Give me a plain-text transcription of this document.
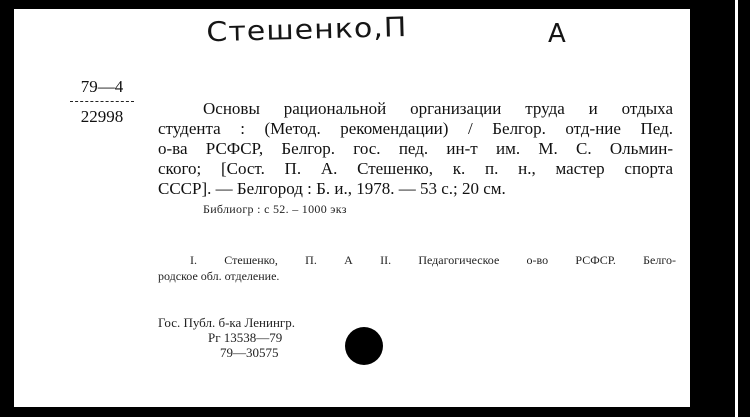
Стешенко,П	А
79—4
22998	Основы рациональной организации труда и отдыха
студента : (Метод. рекомендации) / Белгор. отд-ние Пед.
о-ва РСФСР, Белгор. гос. пед. ин-т им. М. С. Ольмин-
ского; [Сост. П. А. Стешенко, к. п. н., мастер спорта
СССР]. — Белгород : Б. и., 1978. — 53 с.; 20 см.
Библиогр : с 52. – 1000 экз
I. Стешенко, П. А II. Педагогическое о-во РСФСР. Белго-
родское обл. отделение.
Гос. Публ. б-ка Ленингр.
Рг 13538—79
79—30575
